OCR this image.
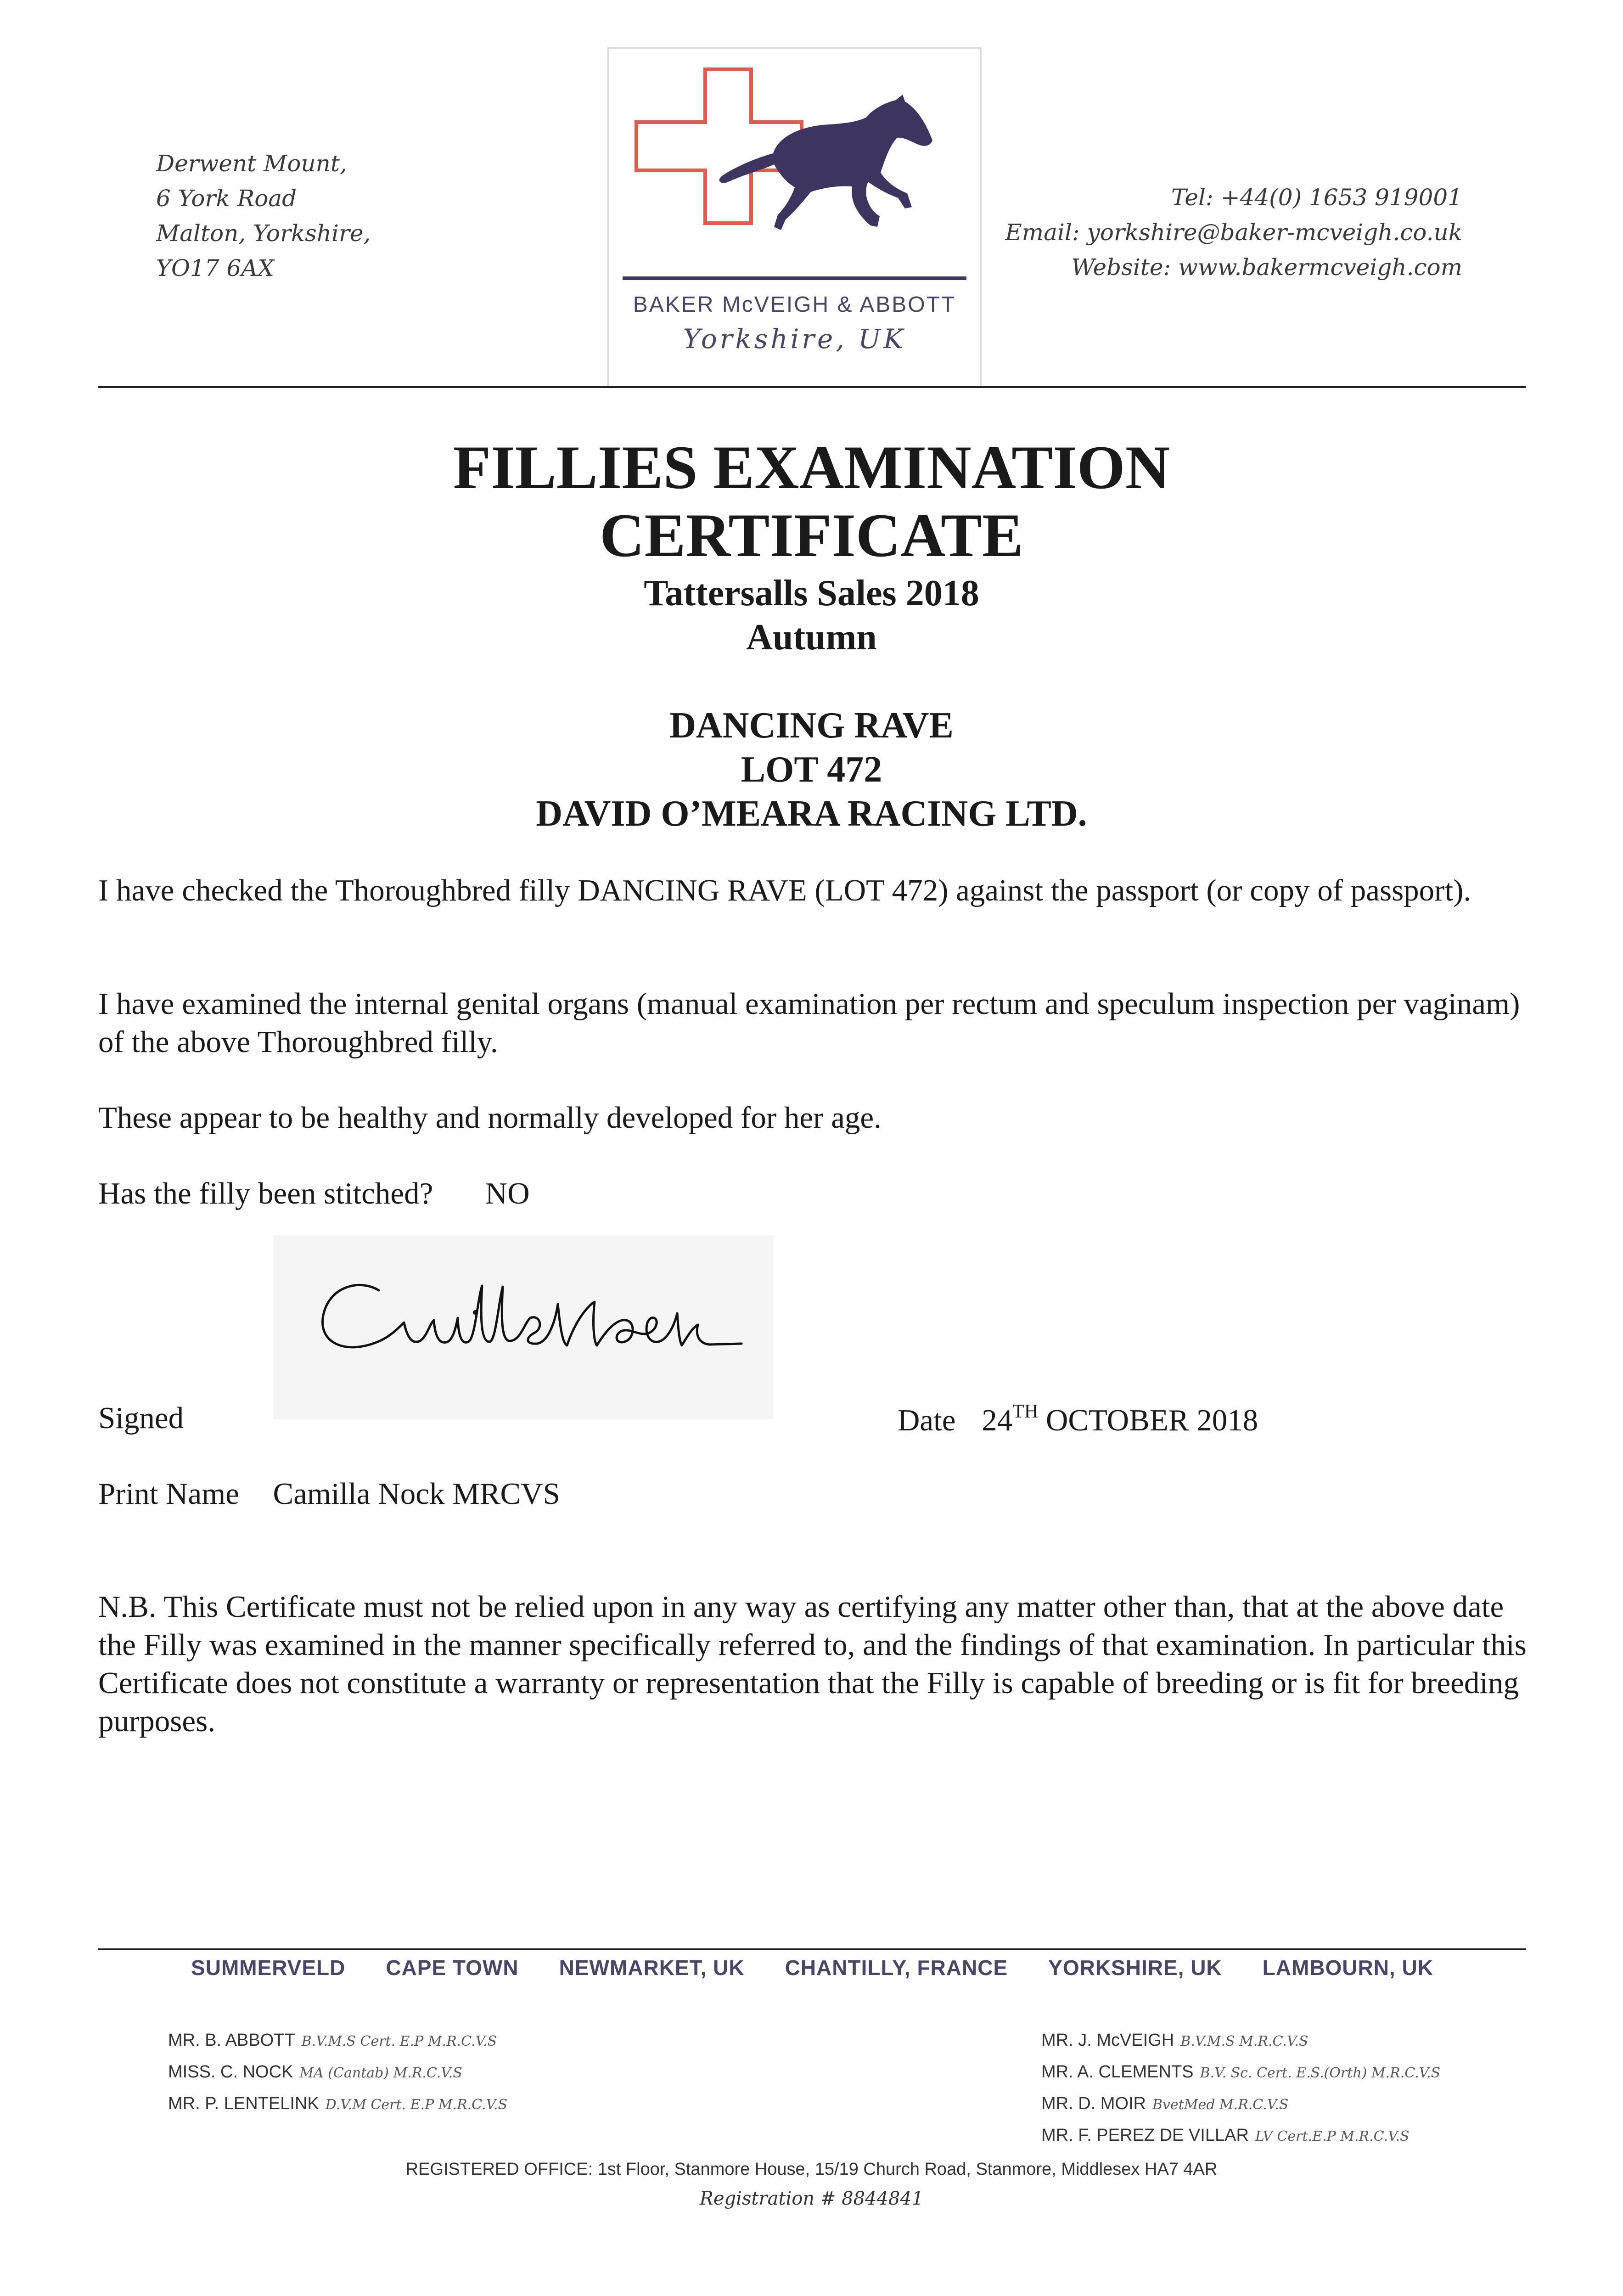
Derwent Mount,
6 York Road
Malton, Yorkshire,
YO17 6AX
BAKER McVEIGH & ABBOTT
Yorkshire, UK
Tel: +44(0) 1653 919001
Email: yorkshire@baker-mcveigh.co.uk
Website: www.bakermcveigh.com
FILLIES EXAMINATION
CERTIFICATE
Tattersalls Sales 2018
Autumn
DANCING RAVE
LOT 472
DAVID O’MEARA RACING LTD.
I have checked the Thoroughbred filly DANCING RAVE (LOT 472) against the passport (or copy of passport).
I have examined the internal genital organs (manual examination per rectum and speculum inspection per vaginam) of the above Thoroughbred filly.
These appear to be healthy and normally developed for her age.
Has the filly been stitched? NO
Signed	Date 24TH OCTOBER 2018
Print Name Camilla Nock MRCVS
N.B. This Certificate must not be relied upon in any way as certifying any matter other than, that at the above date the Filly was examined in the manner specifically referred to, and the findings of that examination. In particular this Certificate does not constitute a warranty or representation that the Filly is capable of breeding or is fit for breeding purposes.
SUMMERVELD CAPE TOWN NEWMARKET, UK CHANTILLY, FRANCE YORKSHIRE, UK LAMBOURN, UK
MR. B. ABBOTT B.V.M.S Cert. E.P M.R.C.V.S
MISS. C. NOCK MA (Cantab) M.R.C.V.S
MR. P. LENTELINK D.V.M Cert. E.P M.R.C.V.S
MR. J. McVEIGH B.V.M.S M.R.C.V.S
MR. A. CLEMENTS B.V. Sc. Cert. E.S.(Orth) M.R.C.V.S
MR. D. MOIR BvetMed M.R.C.V.S
MR. F. PEREZ DE VILLAR LV Cert.E.P M.R.C.V.S
REGISTERED OFFICE: 1st Floor, Stanmore House, 15/19 Church Road, Stanmore, Middlesex HA7 4AR
Registration # 8844841
